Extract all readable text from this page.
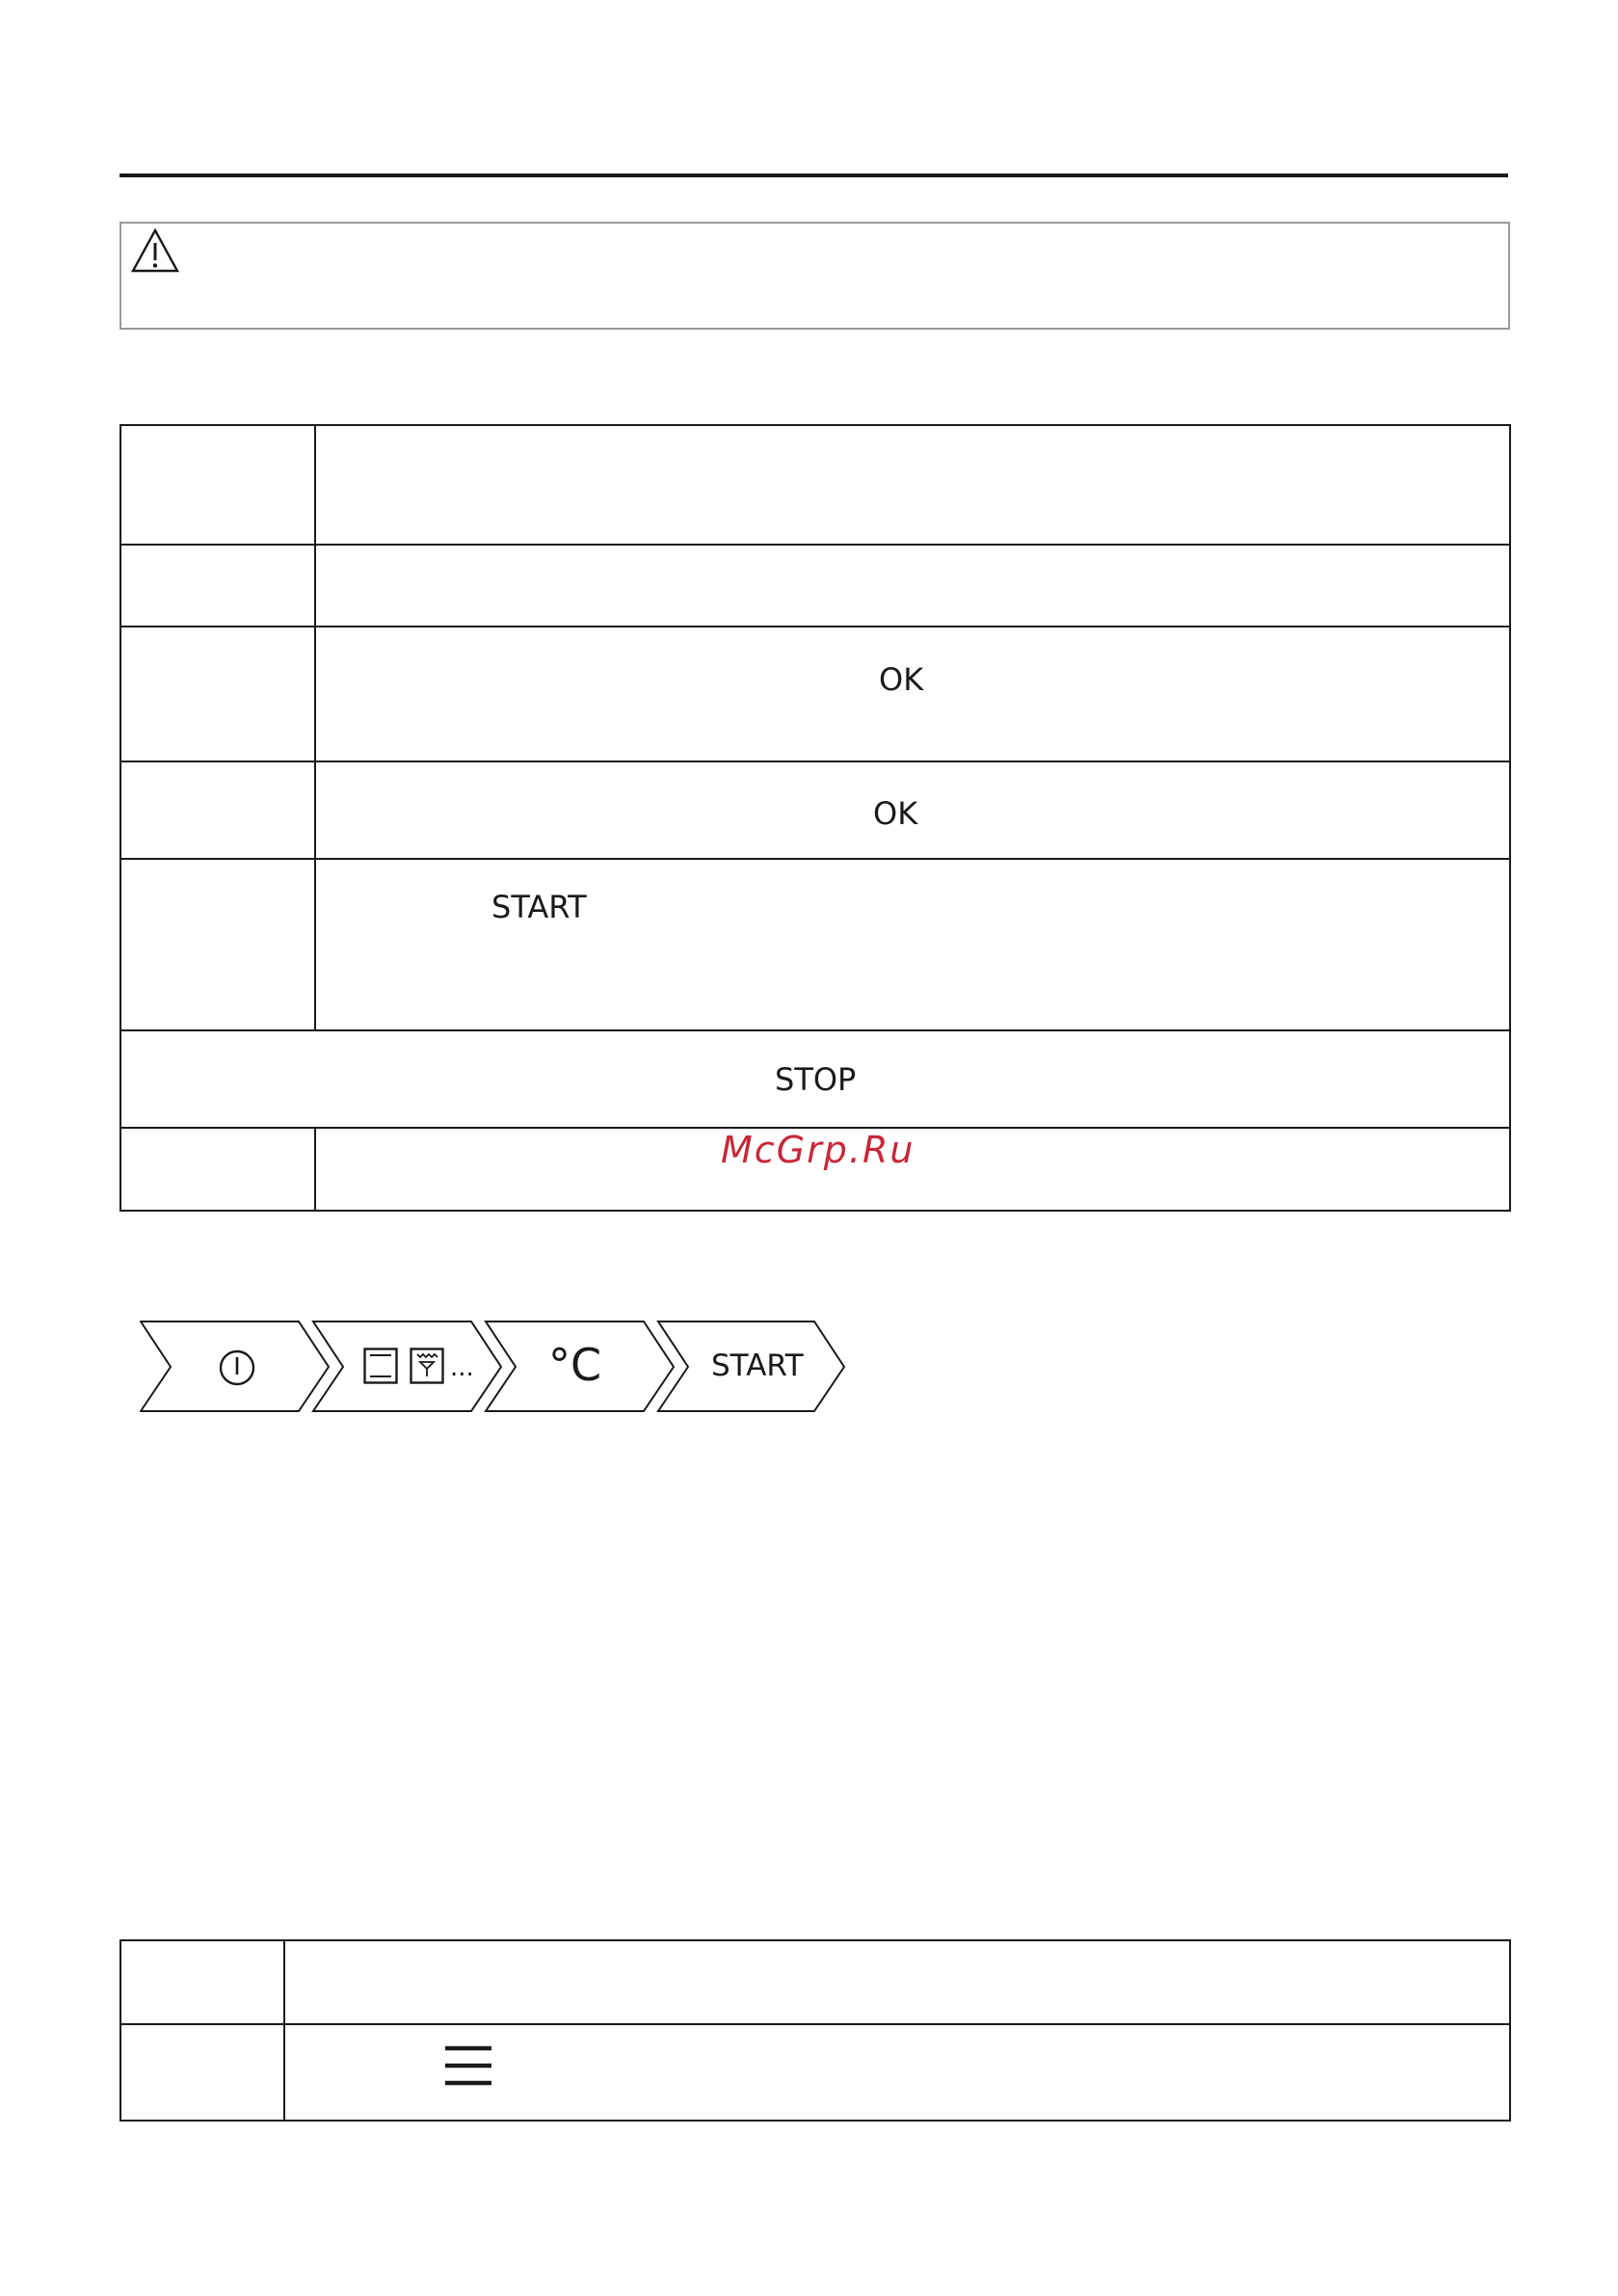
	OK

	OK

	START

STOP	

	McGrp.Ru
... °C	START
